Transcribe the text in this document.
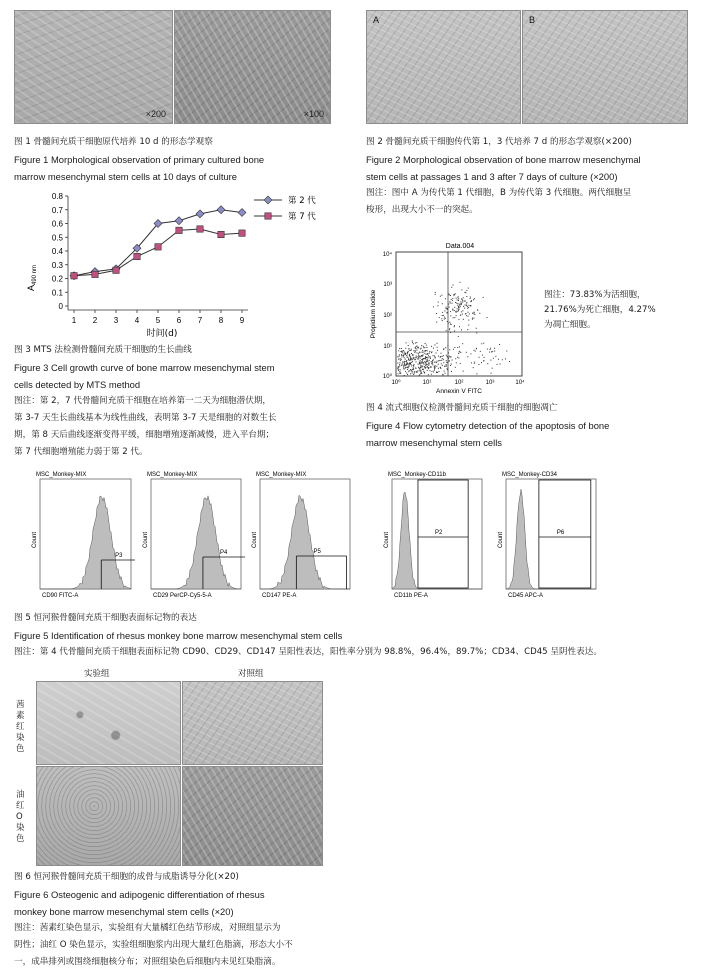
×200	×100
图 1 骨髓间充质干细胞原代培养 10 d 的形态学观察
Figure 1 Morphological observation of primary cultured bone
marrow mesenchymal stem cells at 10 days of culture
A	B
图 2 骨髓间充质干细胞传代第 1，3 代培养 7 d 的形态学观察(×200)
Figure 2 Morphological observation of bone marrow mesenchymal
stem cells at passages 1 and 3 after 7 days of culture (×200)
图注：图中 A 为传代第 1 代细胞，B 为传代第 3 代细胞。两代细胞呈
梭形，出现大小不一的突起。
0
0.1
0.2
0.3
0.4
0.5
0.6
0.7
0.8
1 2 3 4 5 6 7 8 9
第 2 代
第 7 代
$A_{490 nm}$
时间(d)
图 3 MTS 法检测骨髓间充质干细胞的生长曲线
Figure 3 Cell growth curve of bone marrow mesenchymal stem
cells detected by MTS method
图注：第 2，7 代骨髓间充质干细胞在培养第一二天为细胞潜伏期，
第 3-7 天生长曲线基本为线性曲线，表明第 3-7 天是细胞的对数生长
期，第 8 天后曲线逐渐变得平缓，细胞增殖逐渐减慢，进入平台期；
第 7 代细胞增殖能力弱于第 2 代。
Data.004
10⁰	10¹	10²	10³	10⁴
10⁰
10¹
10²
10³
10⁴
Annexin V FITC
Propidium Iodide	图注：73.83%为活细胞，
21.76%为死亡细胞，4.27%
为凋亡细胞。
图 4 流式细胞仪检测骨髓间充质干细胞的细胞凋亡
Figure 4 Flow cytometry detection of the apoptosis of bone
marrow mesenchymal stem cells
MSC_Monkey-MIX
P3
CD90 FITC-A
Count
MSC_Monkey-MIX
P4
CD29 PerCP-Cy5-5-A
Count
MSC_Monkey-MIX
P5
CD147 PE-A
Count
MSC_Monkey-CD11b
P2
CD11b PE-A
Count
MSC_Monkey-CD34
P6
CD45 APC-A
Count
图 5 恒河猴骨髓间充质干细胞表面标记物的表达
Figure 5 Identification of rhesus monkey bone marrow mesenchymal stem cells
图注：第 4 代骨髓间充质干细胞表面标记物 CD90、CD29、CD147 呈阳性表达，阳性率分别为 98.8%，96.4%，89.7%；CD34、CD45 呈阴性表达。
实验组	对照组
茜素红染色
油红 O 染色
图 6 恒河猴骨髓间充质干细胞的成骨与成脂诱导分化(×20)
Figure 6 Osteogenic and adipogenic differentiation of rhesus
monkey bone marrow mesenchymal stem cells (×20)
图注：茜素红染色显示，实验组有大量橘红色结节形成，对照组显示为
阴性；油红 O 染色显示，实验组细胞浆内出现大量红色脂滴，形态大小不
一，成串排列或围绕细胞核分布；对照组染色后细胞内未见红染脂滴。
